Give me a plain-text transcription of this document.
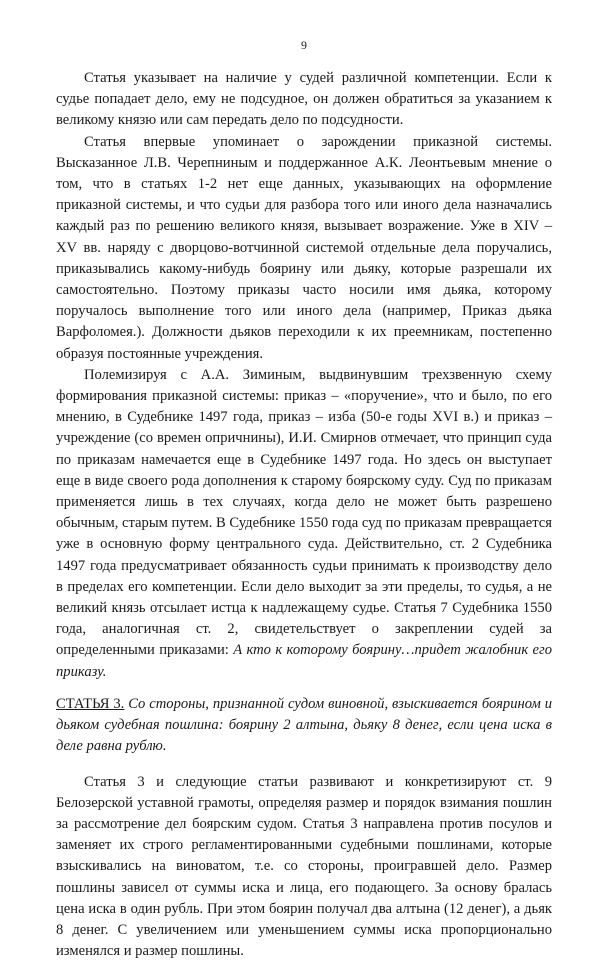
9

Статья указывает на наличие у судей различной компетенции. Если к судье попадает дело, ему не подсудное, он должен обратиться за указанием к великому князю или сам передать дело по подсудности.

Статья впервые упоминает о зарождении приказной системы. Высказанное Л.В. Черепниным и поддержанное А.К. Леонтьевым мнение о том, что в статьях 1-2 нет еще данных, указывающих на оформление приказной системы, и что судьи для разбора того или иного дела назначались каждый раз по решению великого князя, вызывает возражение. Уже в XIV – XV вв. наряду с дворцово-вотчинной системой отдельные дела поручались, приказывались какому-нибудь боярину или дьяку, которые разрешали их самостоятельно. Поэтому приказы часто носили имя дьяка, которому поручалось выполнение того или иного дела (например, Приказ дьяка Варфоломея.). Должности дьяков переходили к их преемникам, постепенно образуя постоянные учреждения.

Полемизируя с А.А. Зиминым, выдвинувшим трехзвенную схему формирования приказной системы: приказ – «поручение», что и было, по его мнению, в Судебнике 1497 года, приказ – изба (50-е годы XVI в.) и приказ – учреждение (со времен опричнины), И.И. Смирнов отмечает, что принцип суда по приказам намечается еще в Судебнике 1497 года. Но здесь он выступает еще в виде своего рода дополнения к старому боярскому суду. Суд по приказам применяется лишь в тех случаях, когда дело не может быть разрешено обычным, старым путем. В Судебнике 1550 года суд по приказам превращается уже в основную форму центрального суда. Действительно, ст. 2 Судебника 1497 года предусматривает обязанность судьи принимать к производству дело в пределах его компетенции. Если дело выходит за эти пределы, то судья, а не великий князь отсылает истца к надлежащему судье. Статья 7 Судебника 1550 года, аналогичная ст. 2, свидетельствует о закреплении судей за определенными приказами: А кто к которому боярину…придет жалобник его приказу.

СТАТЬЯ 3. Со стороны, признанной судом виновной, взыскивается боярином и дьяком судебная пошлина: боярину 2 алтына, дьяку 8 денег, если цена иска в деле равна рублю.

Статья 3 и следующие статьи развивают и конкретизируют ст. 9 Белозерской уставной грамоты, определяя размер и порядок взимания пошлин за рассмотрение дел боярским судом. Статья 3 направлена против посулов и заменяет их строго регламентированными судебными пошлинами, которые взыскивались на виноватом, т.е. со стороны, проигравшей дело. Размер пошлины зависел от суммы иска и лица, его подающего. За основу бралась цена иска в один рубль. При этом боярин получал два алтына (12 денег), а дьяк 8 денег. С увеличением или уменьшением суммы иска пропорционально изменялся и размер пошлины.
